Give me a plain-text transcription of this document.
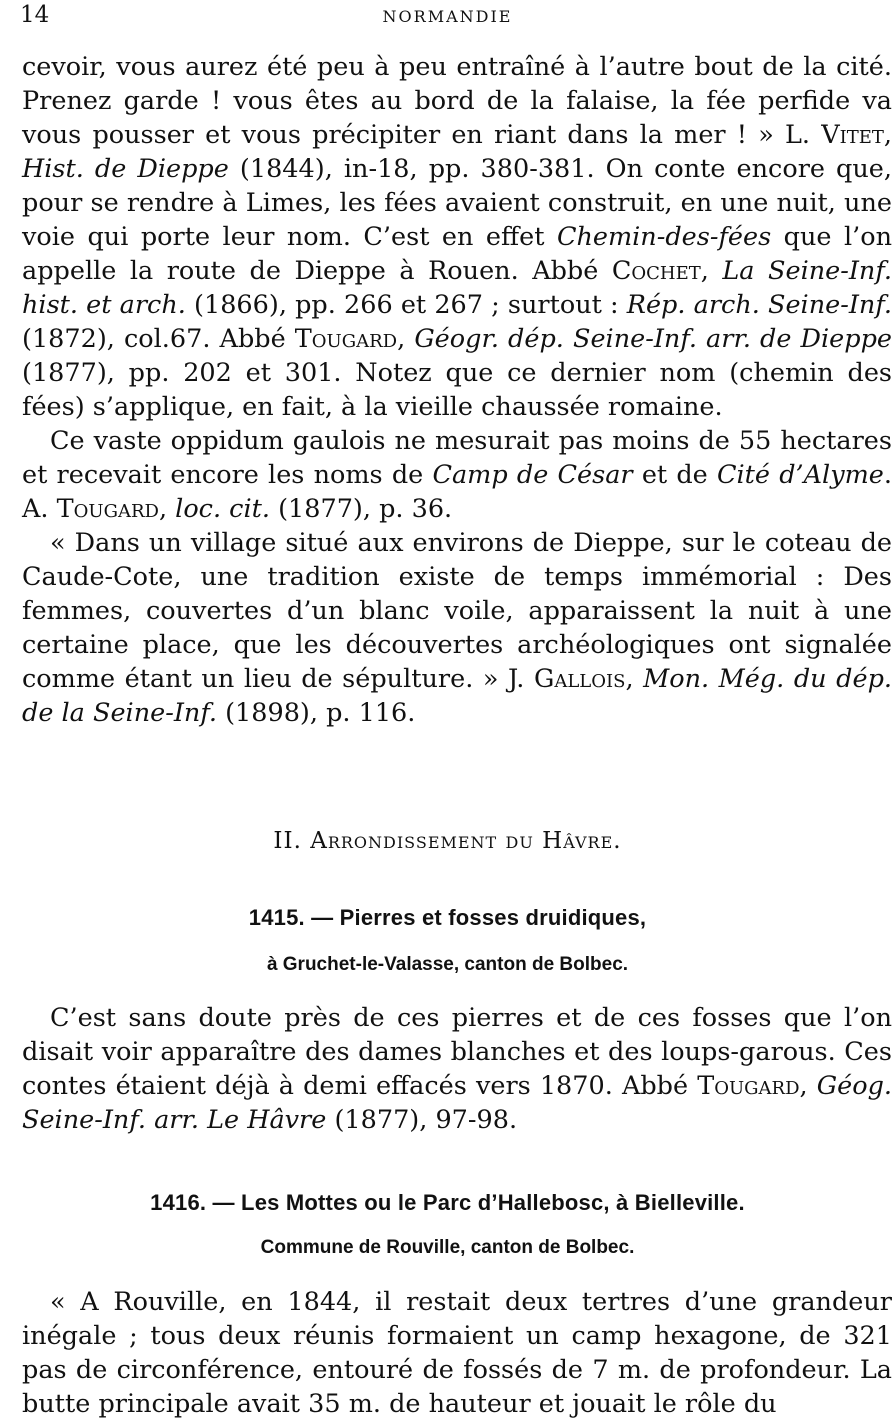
14	NORMANDIE

cevoir, vous aurez été peu à peu entraîné à l’autre bout de la cité. Prenez garde ! vous êtes au bord de la falaise, la fée perfide va vous pousser et vous précipiter en riant dans la mer ! » L. Vitet, Hist. de Dieppe (1844), in-18, pp. 380-381. On conte encore que, pour se rendre à Limes, les fées avaient construit, en une nuit, une voie qui porte leur nom. C’est en effet Chemin-des-fées que l’on appelle la route de Dieppe à Rouen. Abbé Cochet, La Seine-Inf. hist. et arch. (1866), pp. 266 et 267 ; surtout : Rép. arch. Seine-Inf. (1872), col.67. Abbé Tougard, Géogr. dép. Seine-Inf. arr. de Dieppe (1877), pp. 202 et 301. Notez que ce dernier nom (chemin des fées) s’applique, en fait, à la vieille chaussée romaine.

Ce vaste oppidum gaulois ne mesurait pas moins de 55 hectares et recevait encore les noms de Camp de César et de Cité d’Alyme. A. Tougard, loc. cit. (1877), p. 36.

« Dans un village situé aux environs de Dieppe, sur le coteau de Caude-Cote, une tradition existe de temps immémorial : Des femmes, couvertes d’un blanc voile, apparaissent la nuit à une certaine place, que les découvertes archéologiques ont signalée comme étant un lieu de sépulture. » J. Gallois, Mon. Még. du dép. de la Seine-Inf. (1898), p. 116.

II. Arrondissement du Hâvre.
1415. — Pierres et fosses druidiques,
à Gruchet-le-Valasse, canton de Bolbec.

C’est sans doute près de ces pierres et de ces fosses que l’on disait voir apparaître des dames blanches et des loups-garous. Ces contes étaient déjà à demi effacés vers 1870. Abbé Tougard, Géog. Seine-Inf. arr. Le Hâvre (1877), 97-98.

1416. — Les Mottes ou le Parc d’Hallebosc, à Bielleville.
Commune de Rouville, canton de Bolbec.

« A Rouville, en 1844, il restait deux tertres d’une grandeur inégale ; tous deux réunis formaient un camp hexagone, de 321 pas de circonférence, entouré de fossés de 7 m. de profondeur. La butte principale avait 35 m. de hauteur et jouait le rôle du
